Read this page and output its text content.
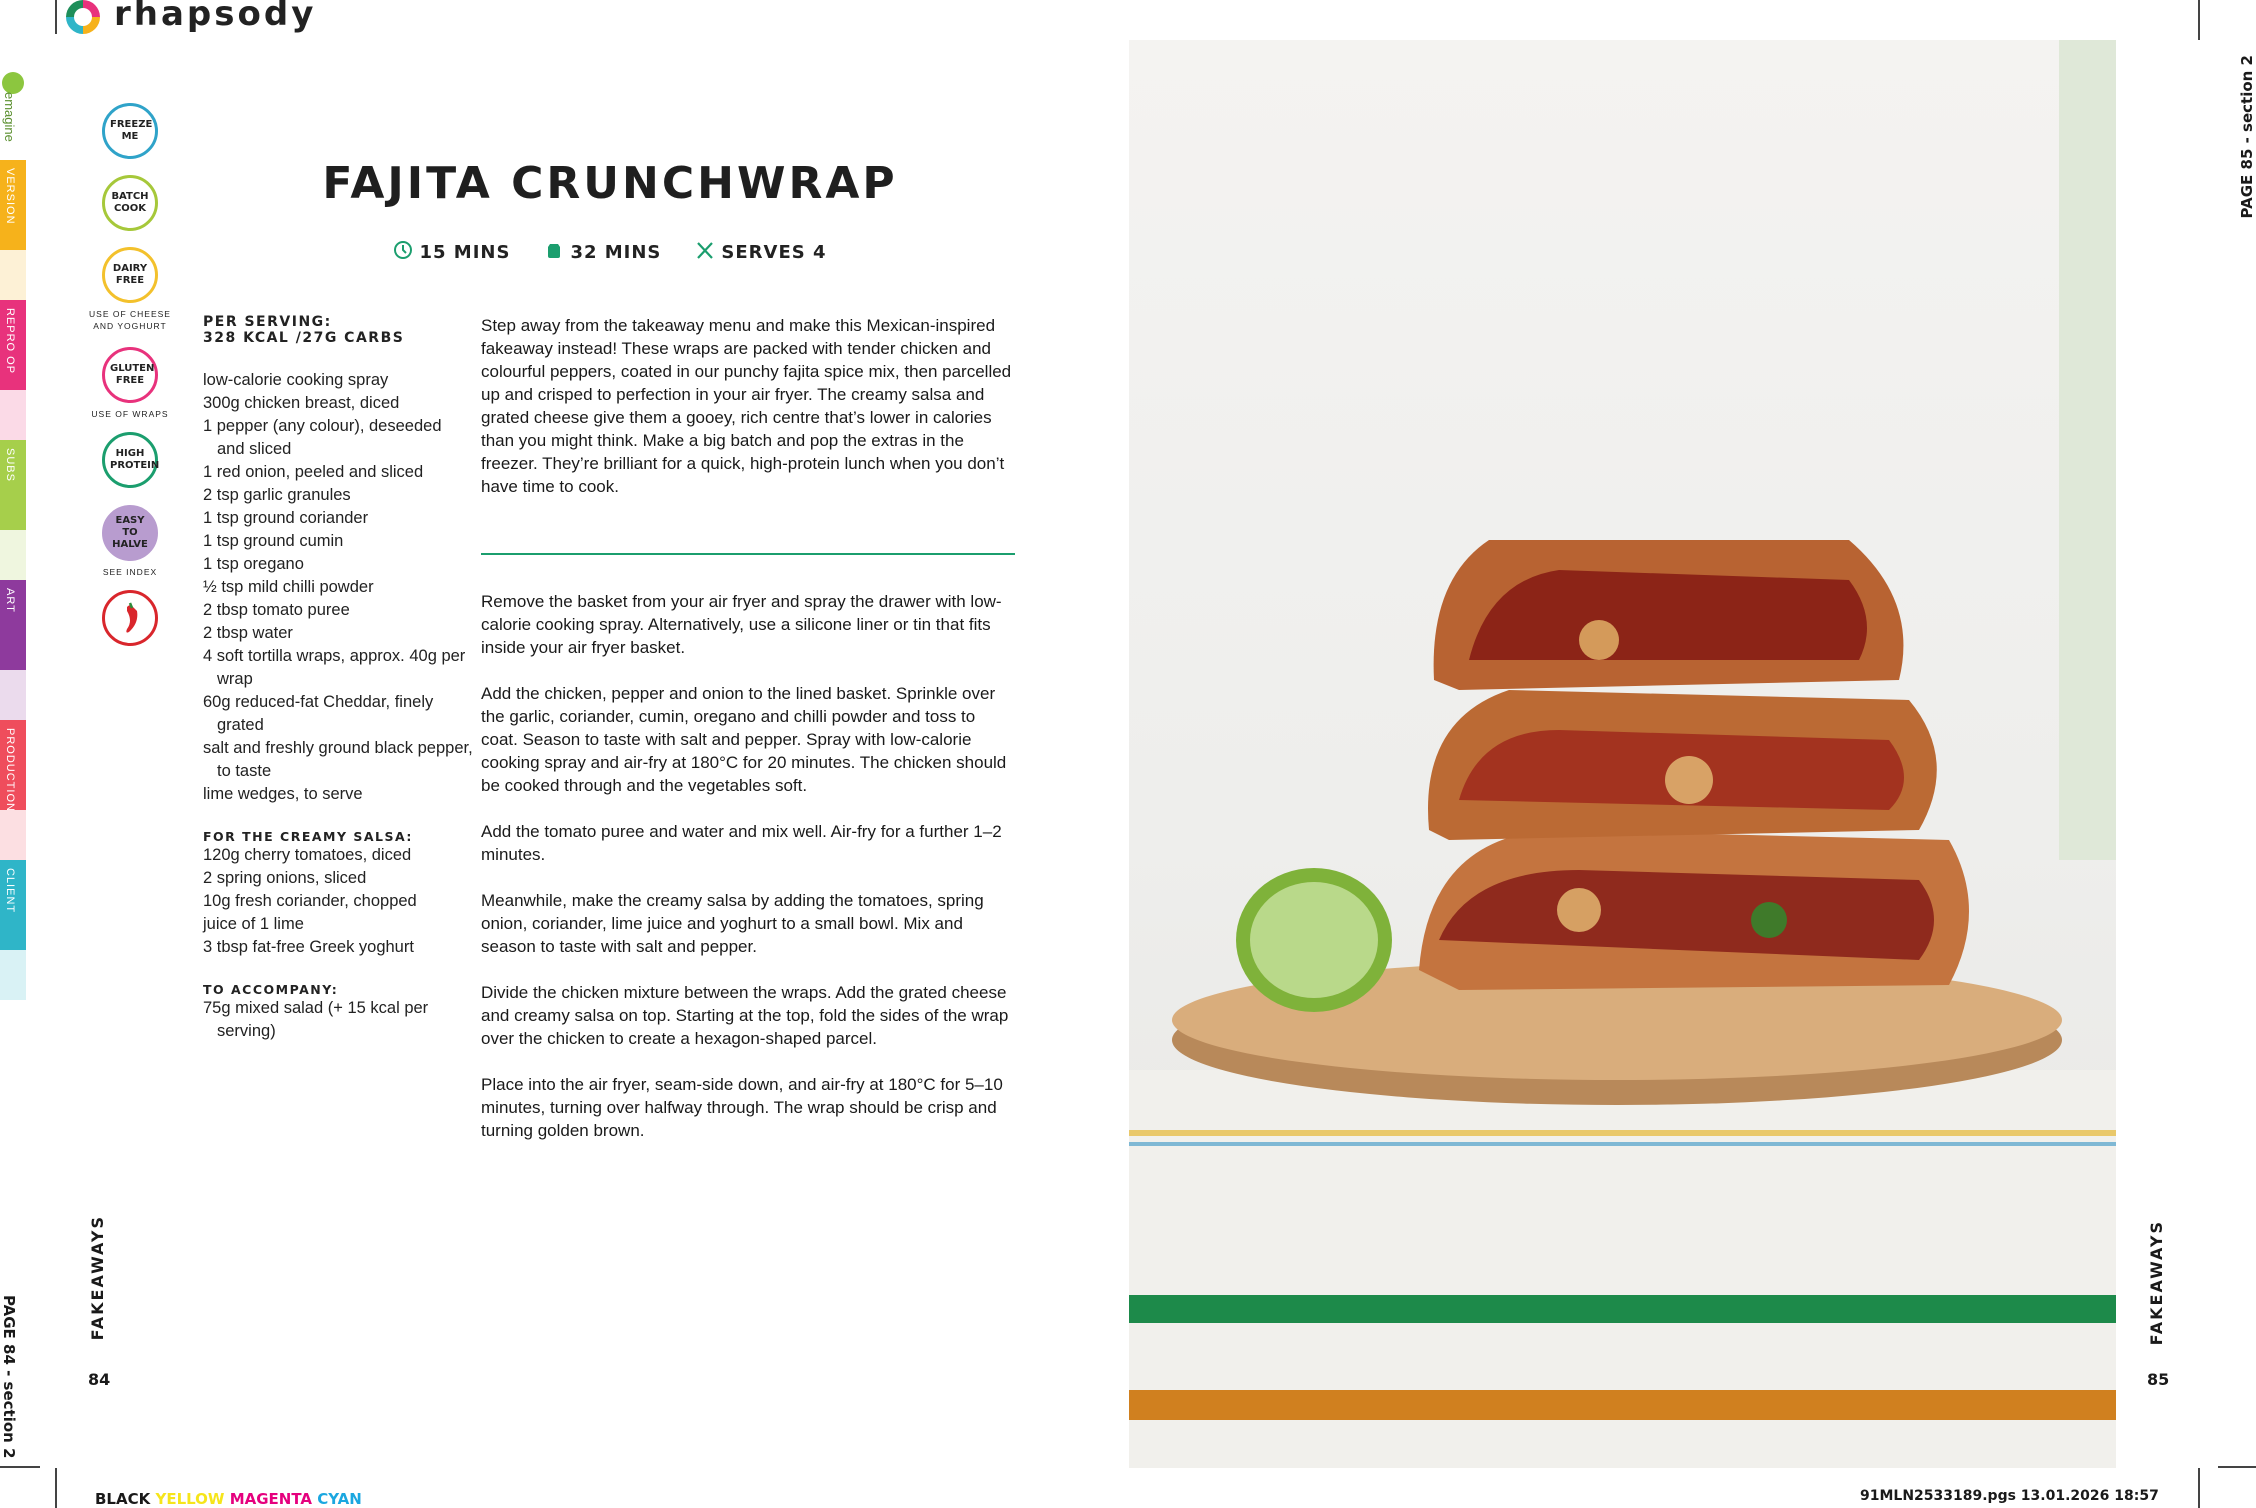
rhapsody
emagine
VERSION
REPRO OP
SUBS
ART
PRODUCTION
CLIENT
FREEZE ME
BATCH COOK
DAIRY FREE
USE OF CHEESE AND YOGHURT
GLUTEN FREE
USE OF WRAPS
HIGH PROTEIN
EASY TO HALVE
SEE INDEX
FAJITA CRUNCHWRAP
15 MINS	32 MINS	SERVES 4
PER SERVING:
328 KCAL /27G CARBS
low-calorie cooking spray
300g chicken breast, diced
1 pepper (any colour), deseeded and sliced
1 red onion, peeled and sliced
2 tsp garlic granules
1 tsp ground coriander
1 tsp ground cumin
1 tsp oregano
½ tsp mild chilli powder
2 tbsp tomato puree
2 tbsp water
4 soft tortilla wraps, approx. 40g per wrap
60g reduced-fat Cheddar, finely grated
salt and freshly ground black pepper, to taste
lime wedges, to serve
FOR THE CREAMY SALSA:
120g cherry tomatoes, diced
2 spring onions, sliced
10g fresh coriander, chopped
juice of 1 lime
3 tbsp fat-free Greek yoghurt
TO ACCOMPANY:
75g mixed salad (+ 15 kcal per serving)
Step away from the takeaway menu and make this Mexican-inspired fakeaway instead! These wraps are packed with tender chicken and colourful peppers, coated in our punchy fajita spice mix, then parcelled up and crisped to perfection in your air fryer. The creamy salsa and grated cheese give them a gooey, rich centre that’s lower in calories than you might think. Make a big batch and pop the extras in the freezer. They’re brilliant for a quick, high-protein lunch when you don’t have time to cook.

Remove the basket from your air fryer and spray the drawer with low-calorie cooking spray. Alternatively, use a silicone liner or tin that fits inside your air fryer basket.

Add the chicken, pepper and onion to the lined basket. Sprinkle over the garlic, coriander, cumin, oregano and chilli powder and toss to coat. Season to taste with salt and pepper. Spray with low-calorie cooking spray and air-fry at 180°C for 20 minutes. The chicken should be cooked through and the vegetables soft.

Add the tomato puree and water and mix well. Air-fry for a further 1–2 minutes.

Meanwhile, make the creamy salsa by adding the tomatoes, spring onion, coriander, lime juice and yoghurt to a small bowl. Mix and season to taste with salt and pepper.

Divide the chicken mixture between the wraps. Add the grated cheese and creamy salsa on top. Starting at the top, fold the sides of the wrap over the chicken to create a hexagon-shaped parcel.

Place into the air fryer, seam-side down, and air-fry at 180°C for 5–10 minutes, turning over halfway through. The wrap should be crisp and turning golden brown.

FAKEAWAYS
84
FAKEAWAYS
85
PAGE 84 - section 2
PAGE 85 - section 2
BLACK YELLOW MAGENTA CYAN	91MLN2533189.pgs 13.01.2026 18:57
